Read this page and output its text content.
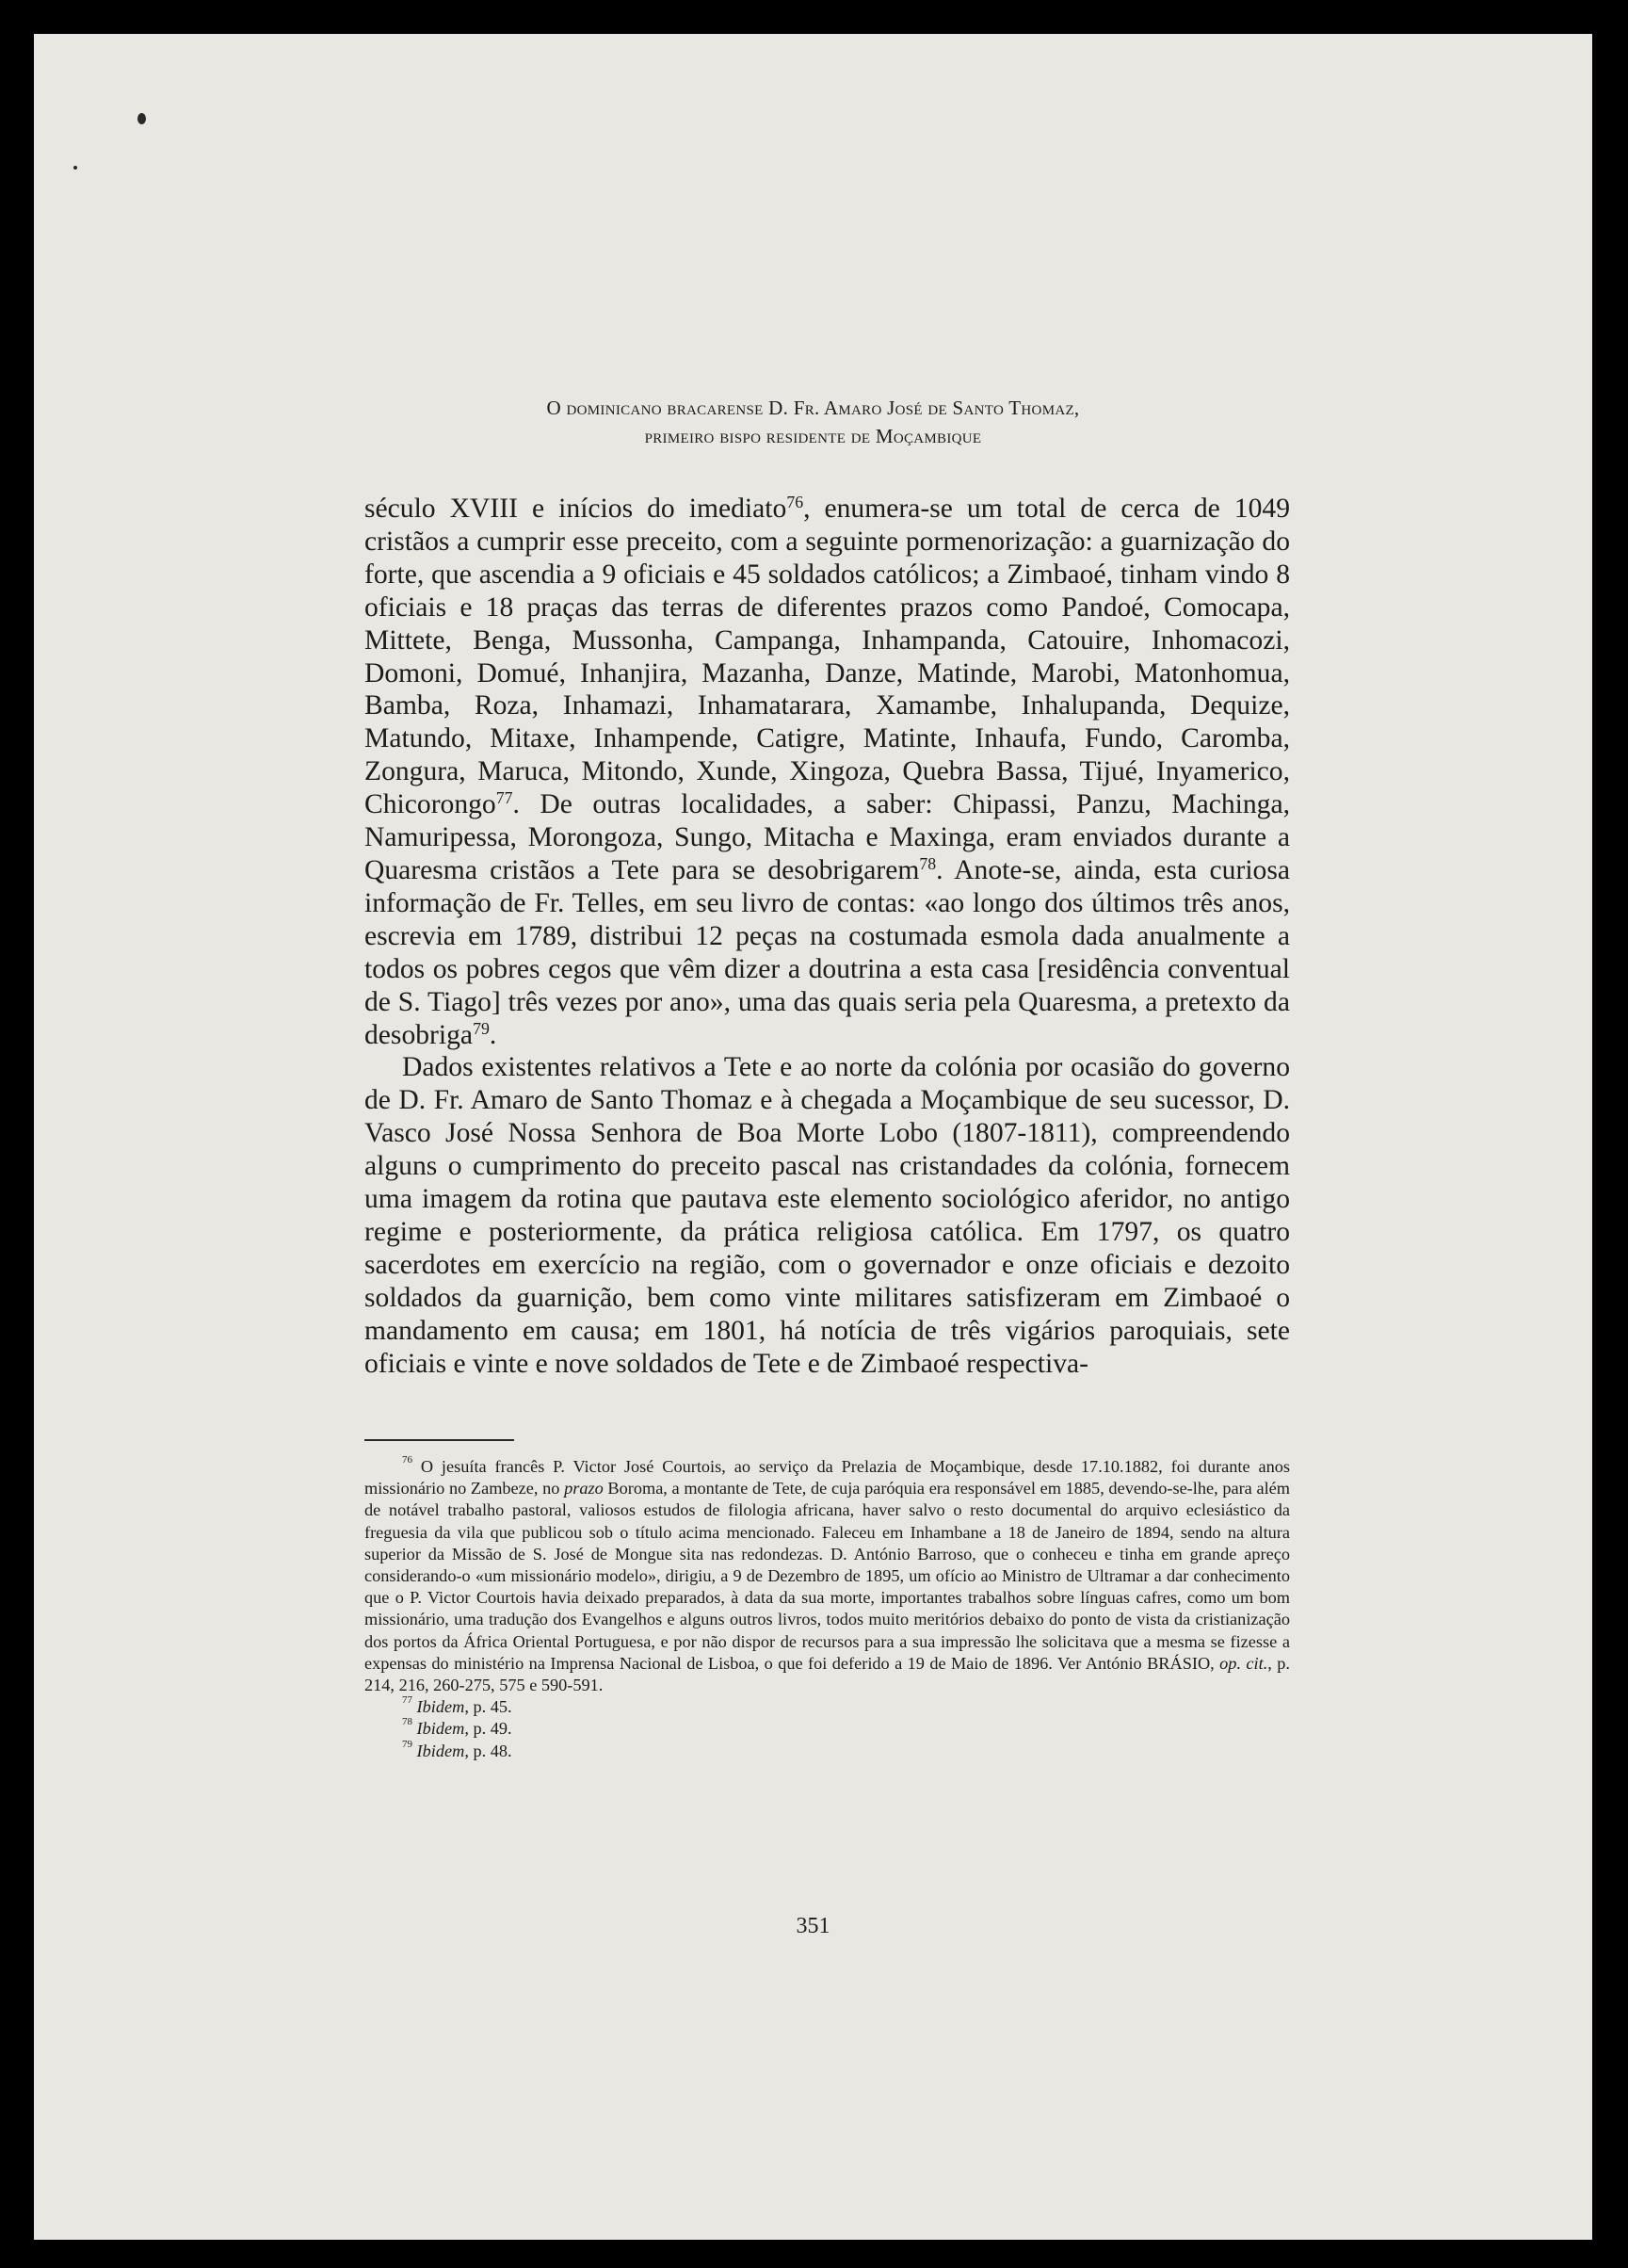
O dominicano bracarense D. Fr. Amaro José de Santo Thomaz,
primeiro bispo residente de Moçambique

século XVIII e inícios do imediato$^{76}$, enumera-se um total de cerca de 1049 cristãos a cumprir esse preceito, com a seguinte pormenorização: a guarnização do forte, que ascendia a 9 oficiais e 45 soldados católicos; a Zimbaoé, tinham vindo 8 oficiais e 18 praças das terras de diferentes prazos como Pandoé, Comocapa, Mittete, Benga, Mussonha, Campanga, Inhampanda, Catouire, Inhomacozi, Domoni, Domué, Inhanjira, Mazanha, Danze, Matinde, Marobi, Matonhomua, Bamba, Roza, Inhamazi, Inhamatarara, Xamambe, Inhalupanda, Dequize, Matundo, Mitaxe, Inhampende, Catigre, Matinte, Inhaufa, Fundo, Caromba, Zongura, Maruca, Mitondo, Xunde, Xingoza, Quebra Bassa, Tijué, Inyamerico, Chicorongo$^{77}$. De outras localidades, a saber: Chipassi, Panzu, Machinga, Namuripessa, Morongoza, Sungo, Mitacha e Maxinga, eram enviados durante a Quaresma cristãos a Tete para se desobrigarem$^{78}$. Anote-se, ainda, esta curiosa informação de Fr. Telles, em seu livro de contas: «ao longo dos últimos três anos, escrevia em 1789, distribui 12 peças na costumada esmola dada anualmente a todos os pobres cegos que vêm dizer a doutrina a esta casa [residência conventual de S. Tiago] três vezes por ano», uma das quais seria pela Quaresma, a pretexto da desobriga$^{79}$.

Dados existentes relativos a Tete e ao norte da colónia por ocasião do governo de D. Fr. Amaro de Santo Thomaz e à chegada a Moçambique de seu sucessor, D. Vasco José Nossa Senhora de Boa Morte Lobo (1807-1811), compreendendo alguns o cumprimento do preceito pascal nas cristandades da colónia, fornecem uma imagem da rotina que pautava este elemento sociológico aferidor, no antigo regime e posteriormente, da prática religiosa católica. Em 1797, os quatro sacerdotes em exercício na região, com o governador e onze oficiais e dezoito soldados da guarnição, bem como vinte militares satisfizeram em Zimbaoé o mandamento em causa; em 1801, há notícia de três vigários paroquiais, sete oficiais e vinte e nove soldados de Tete e de Zimbaoé respectiva-

$^{76}$ O jesuíta francês P. Victor José Courtois, ao serviço da Prelazia de Moçambique, desde 17.10.1882, foi durante anos missionário no Zambeze, no prazo Boroma, a montante de Tete, de cuja paróquia era responsável em 1885, devendo-se-lhe, para além de notável trabalho pastoral, valiosos estudos de filologia africana, haver salvo o resto documental do arquivo eclesiástico da freguesia da vila que publicou sob o título acima mencionado. Faleceu em Inhambane a 18 de Janeiro de 1894, sendo na altura superior da Missão de S. José de Mongue sita nas redondezas. D. António Barroso, que o conheceu e tinha em grande apreço considerando-o «um missionário modelo», dirigiu, a 9 de Dezembro de 1895, um ofício ao Ministro de Ultramar a dar conhecimento que o P. Victor Courtois havia deixado preparados, à data da sua morte, importantes trabalhos sobre línguas cafres, como um bom missionário, uma tradução dos Evangelhos e alguns outros livros, todos muito meritórios debaixo do ponto de vista da cristianização dos portos da África Oriental Portuguesa, e por não dispor de recursos para a sua impressão lhe solicitava que a mesma se fizesse a expensas do ministério na Imprensa Nacional de Lisboa, o que foi deferido a 19 de Maio de 1896. Ver António BRÁSIO, op. cit., p. 214, 216, 260-275, 575 e 590-591.

$^{77}$ Ibidem, p. 45.

$^{78}$ Ibidem, p. 49.

$^{79}$ Ibidem, p. 48.

351
